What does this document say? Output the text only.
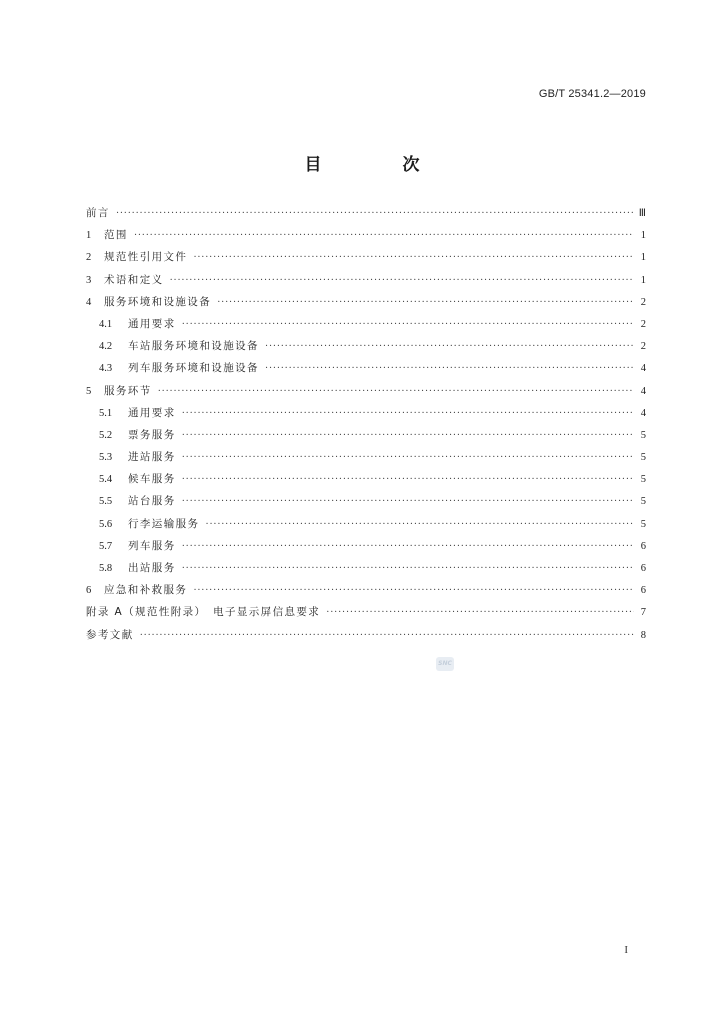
GB/T 25341.2—2019
目　次
前言 ·····	Ⅲ
1	范围 ·····	1
2	规范性引用文件 ·····	1
3	术语和定义 ·····	1
4	服务环境和设施设备 ·····	2
4.1	通用要求 ·····	2
4.2	车站服务环境和设施设备 ·····	2
4.3	列车服务环境和设施设备 ·····	4
5	服务环节 ·····	4
5.1	通用要求 ·····	4
5.2	票务服务 ·····	5
5.3	进站服务 ·····	5
5.4	候车服务 ·····	5
5.5	站台服务 ·····	5
5.6	行李运输服务 ·····	5
5.7	列车服务 ·····	6
5.8	出站服务 ·····	6
6	应急和补救服务 ·····	6
附录 A（规范性附录）　电子显示屏信息要求 ·····	7
参考文献 ·····	8
SNC
I
